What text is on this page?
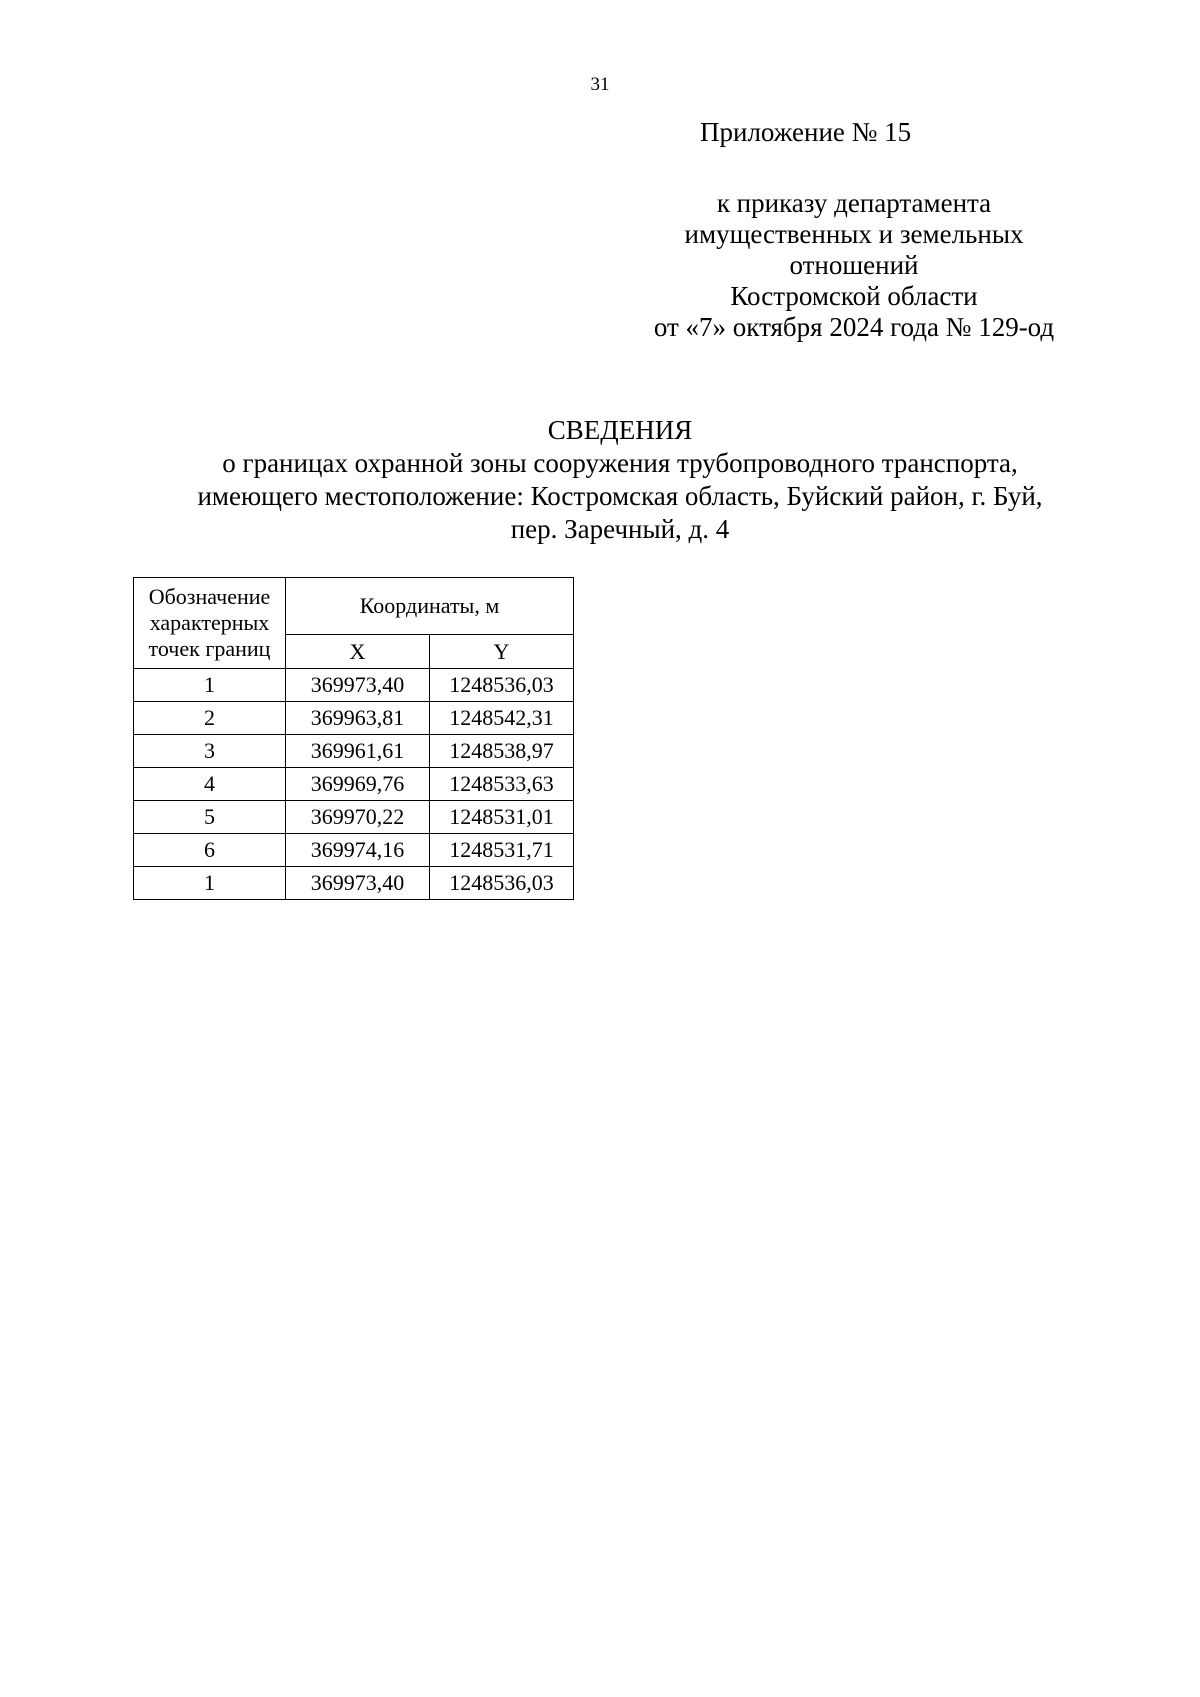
31
Приложение № 15
к приказу департамента
имущественных и земельных
отношений
Костромской области
от «7» октября 2024 года № 129-од
СВЕДЕНИЯ
о границах охранной зоны сооружения трубопроводного транспорта,
имеющего местоположение: Костромская область, Буйский район, г. Буй,
пер. Заречный, д. 4
Обозначение
характерных
точек границ	Координаты, м	
	X	Y
1	369973,40	1248536,03
2	369963,81	1248542,31
3	369961,61	1248538,97
4	369969,76	1248533,63
5	369970,22	1248531,01
6	369974,16	1248531,71
1	369973,40	1248536,03
